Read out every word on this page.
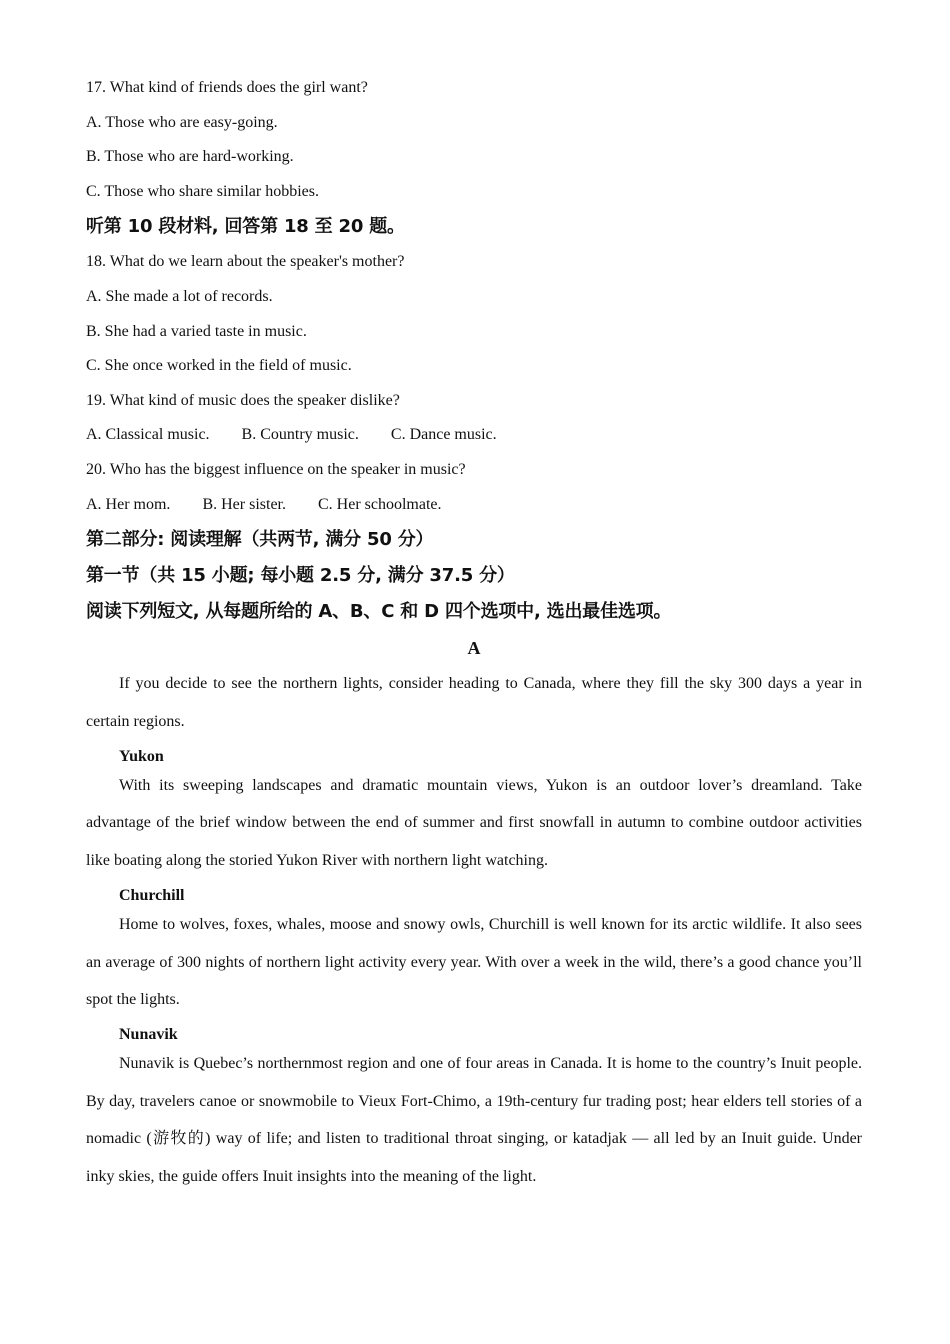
17. What kind of friends does the girl want?
A. Those who are easy-going.
B. Those who are hard-working.
C. Those who share similar hobbies.
听第 10 段材料, 回答第 18 至 20 题。
18. What do we learn about the speaker's mother?
A. She made a lot of records.
B. She had a varied taste in music.
C. She once worked in the field of music.
19. What kind of music does the speaker dislike?
A. Classical music. B. Country music. C. Dance music.
20. Who has the biggest influence on the speaker in music?
A. Her mom. B. Her sister. C. Her schoolmate.
第二部分: 阅读理解（共两节, 满分 50 分）
第一节（共 15 小题; 每小题 2.5 分, 满分 37.5 分）
阅读下列短文, 从每题所给的 A、B、C 和 D 四个选项中, 选出最佳选项。
A

If you decide to see the northern lights, consider heading to Canada, where they fill the sky 300 days a year in certain regions.

Yukon

With its sweeping landscapes and dramatic mountain views, Yukon is an outdoor lover’s dreamland. Take advantage of the brief window between the end of summer and first snowfall in autumn to combine outdoor activities like boating along the storied Yukon River with northern light watching.

Churchill

Home to wolves, foxes, whales, moose and snowy owls, Churchill is well known for its arctic wildlife. It also sees an average of 300 nights of northern light activity every year. With over a week in the wild, there’s a good chance you’ll spot the lights.

Nunavik

Nunavik is Quebec’s northernmost region and one of four areas in Canada. It is home to the country’s Inuit people. By day, travelers canoe or snowmobile to Vieux Fort-Chimo, a 19th-century fur trading post; hear elders tell stories of a nomadic (游牧的) way of life; and listen to traditional throat singing, or katadjak — all led by an Inuit guide. Under inky skies, the guide offers Inuit insights into the meaning of the light.
